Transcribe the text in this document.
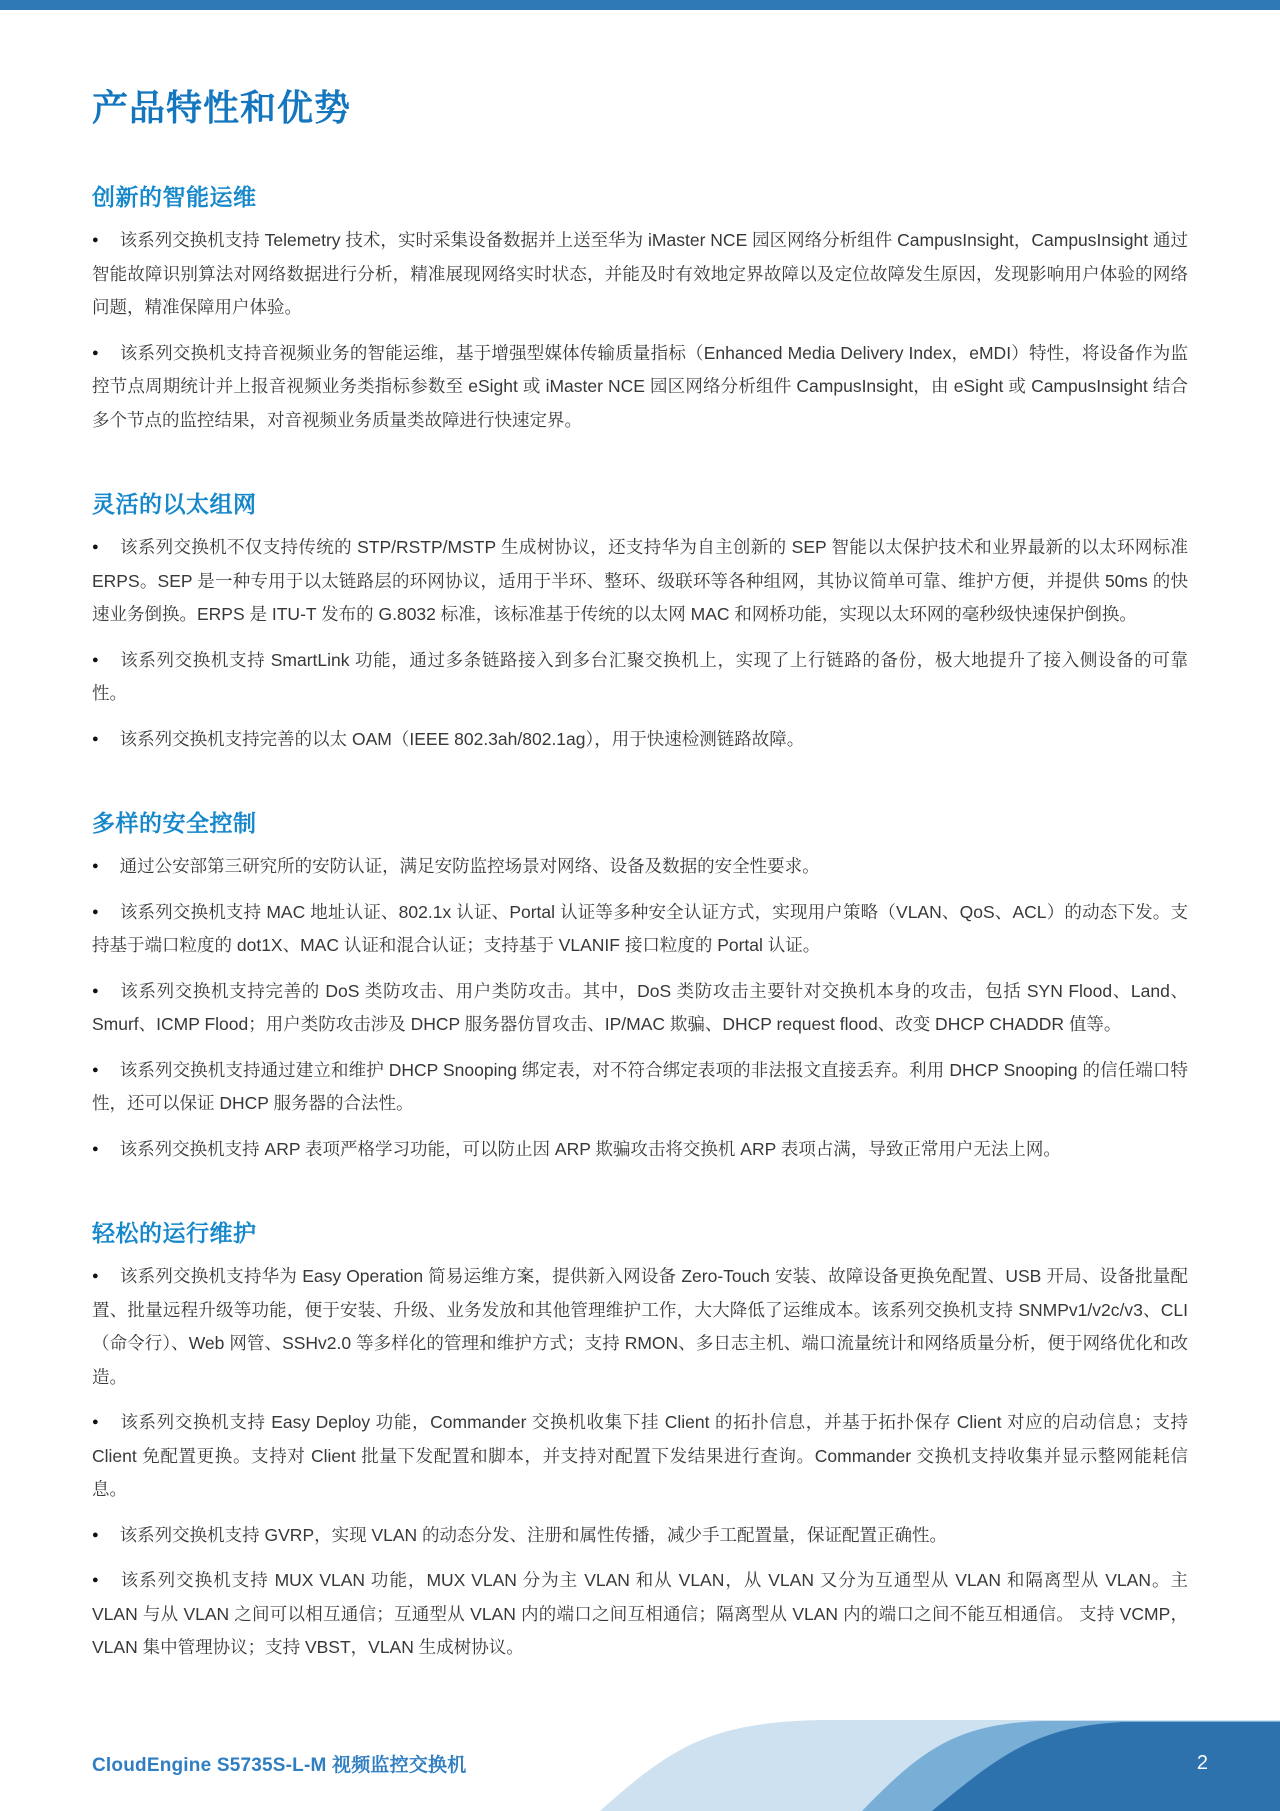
产品特性和优势
创新的智能运维

● 该系列交换机支持 Telemetry 技术，实时采集设备数据并上送至华为 iMaster NCE 园区网络分析组件 CampusInsight，CampusInsight 通过智能故障识别算法对网络数据进行分析，精准展现网络实时状态，并能及时有效地定界故障以及定位故障发生原因，发现影响用户体验的网络问题，精准保障用户体验。

● 该系列交换机支持音视频业务的智能运维，基于增强型媒体传输质量指标（Enhanced Media Delivery Index，eMDI）特性，将设备作为监控节点周期统计并上报音视频业务类指标参数至 eSight 或 iMaster NCE 园区网络分析组件 CampusInsight，由 eSight 或 CampusInsight 结合多个节点的监控结果，对音视频业务质量类故障进行快速定界。

灵活的以太组网

● 该系列交换机不仅支持传统的 STP/RSTP/MSTP 生成树协议，还支持华为自主创新的 SEP 智能以太保护技术和业界最新的以太环网标准 ERPS。SEP 是一种专用于以太链路层的环网协议，适用于半环、整环、级联环等各种组网，其协议简单可靠、维护方便，并提供 50ms 的快速业务倒换。ERPS 是 ITU-T 发布的 G.8032 标准，该标准基于传统的以太网 MAC 和网桥功能，实现以太环网的毫秒级快速保护倒换。

● 该系列交换机支持 SmartLink 功能，通过多条链路接入到多台汇聚交换机上，实现了上行链路的备份，极大地提升了接入侧设备的可靠性。

● 该系列交换机支持完善的以太 OAM（IEEE 802.3ah/802.1ag），用于快速检测链路故障。

多样的安全控制

● 通过公安部第三研究所的安防认证，满足安防监控场景对网络、设备及数据的安全性要求。

● 该系列交换机支持 MAC 地址认证、802.1x 认证、Portal 认证等多种安全认证方式，实现用户策略（VLAN、QoS、ACL）的动态下发。支持基于端口粒度的 dot1X、MAC 认证和混合认证；支持基于 VLANIF 接口粒度的 Portal 认证。

● 该系列交换机支持完善的 DoS 类防攻击、用户类防攻击。其中，DoS 类防攻击主要针对交换机本身的攻击，包括 SYN Flood、Land、Smurf、ICMP Flood；用户类防攻击涉及 DHCP 服务器仿冒攻击、IP/MAC 欺骗、DHCP request flood、改变 DHCP CHADDR 值等。

● 该系列交换机支持通过建立和维护 DHCP Snooping 绑定表，对不符合绑定表项的非法报文直接丢弃。利用 DHCP Snooping 的信任端口特性，还可以保证 DHCP 服务器的合法性。

● 该系列交换机支持 ARP 表项严格学习功能，可以防止因 ARP 欺骗攻击将交换机 ARP 表项占满，导致正常用户无法上网。

轻松的运行维护

● 该系列交换机支持华为 Easy Operation 简易运维方案，提供新入网设备 Zero-Touch 安装、故障设备更换免配置、USB 开局、设备批量配置、批量远程升级等功能，便于安装、升级、业务发放和其他管理维护工作，大大降低了运维成本。该系列交换机支持 SNMPv1/v2c/v3、CLI（命令行）、Web 网管、SSHv2.0 等多样化的管理和维护方式；支持 RMON、多日志主机、端口流量统计和网络质量分析，便于网络优化和改造。

● 该系列交换机支持 Easy Deploy 功能，Commander 交换机收集下挂 Client 的拓扑信息，并基于拓扑保存 Client 对应的启动信息；支持 Client 免配置更换。支持对 Client 批量下发配置和脚本，并支持对配置下发结果进行查询。Commander 交换机支持收集并显示整网能耗信息。

● 该系列交换机支持 GVRP，实现 VLAN 的动态分发、注册和属性传播，减少手工配置量，保证配置正确性。

● 该系列交换机支持 MUX VLAN 功能，MUX VLAN 分为主 VLAN 和从 VLAN，从 VLAN 又分为互通型从 VLAN 和隔离型从 VLAN。主 VLAN 与从 VLAN 之间可以相互通信；互通型从 VLAN 内的端口之间互相通信；隔离型从 VLAN 内的端口之间不能互相通信。 支持 VCMP，VLAN 集中管理协议；支持 VBST，VLAN 生成树协议。

CloudEngine S5735S-L-M 视频监控交换机	2
